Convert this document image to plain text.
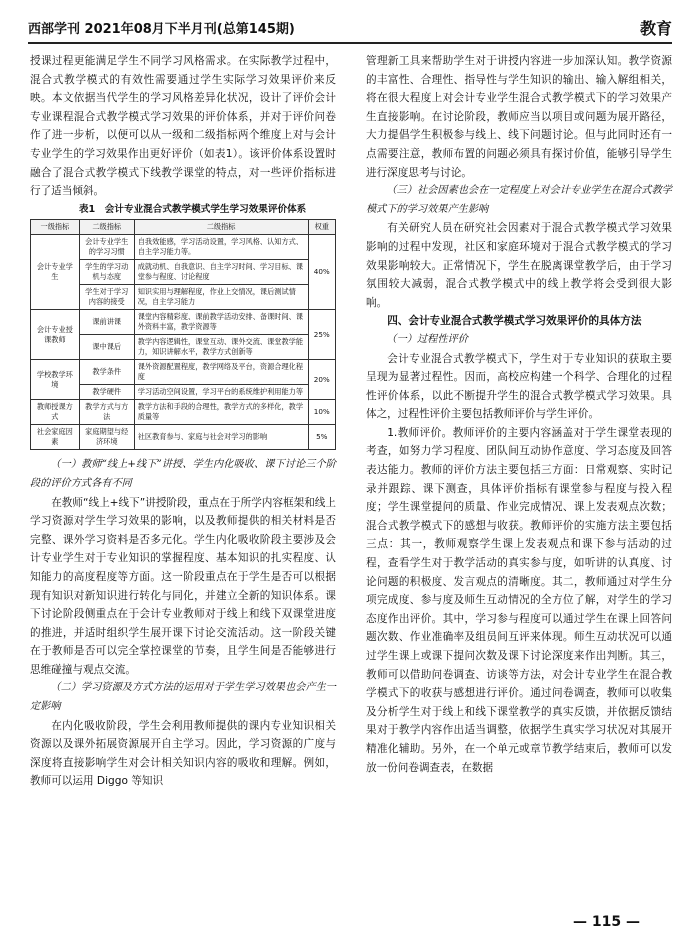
西部学刊 2021年08月下半月刊(总第145期)	教育

授课过程更能满足学生不同学习风格需求。在实际教学过程中，混合式教学模式的有效性需要通过学生实际学习效果评价来反映。本文依据当代学生的学习风格差异化状况，设计了评价会计专业课程混合式教学模式学习效果的评价体系，并对于评价问卷作了进一步析，以便可以从一级和二级指标两个维度上对与会计专业学生的学习效果作出更好评价（如表1）。该评价体系设置时融合了混合式教学模式下线教学课堂的特点，对一些评价指标进行了适当倾斜。

表1　会计专业混合式教学模式学生学习效果评价体系

一级指标	二级指标	二级指标	权重
会计专业学生	会计专业学生的学习习惯	自我效能感，学习活动设置，学习风格、认知方式、自主学习能力等。	40%
	学生的学习动机与态度	成就动机、自我意识、自主学习时间、学习目标、课堂参与程度、讨论程度	
	学生对于学习内容的接受	知识实用与理解程度，作业上交情况，课后测试情况，自主学习能力	
会计专业授课教师	课前讲课	课堂内容精彩度、课前教学活动安排、备课时间、课外资料丰富，教学资源等	25%
	课中课后	教学内容逻辑性，课堂互动、课外交流、课堂教学能力，知识讲解水平，教学方式创新等	
学校教学环境	教学条件	课外资源配置程度，教学网络及平台，资源合理化程度	20%
	教学硬件	学习活动空间设置，学习平台的系统维护利用能力等	
教师授课方式	教学方式与方法	教学方法和手段的合理性，教学方式的多样化，教学质量等	10%
社会家庭因素	家庭期望与经济环境	社区教育参与、家庭与社会对学习的影响	5%

（一）教师“线上+线下”讲授、学生内化吸收、课下讨论三个阶段的评价方式各有不同

在教师“线上+线下”讲授阶段，重点在于所学内容框架和线上学习资源对学生学习效果的影响，以及教师提供的相关材料是否完整、课外学习资料是否多元化。学生内化吸收阶段主要涉及会计专业学生对于专业知识的掌握程度、基本知识的扎实程度、认知能力的高度程度等方面。这一阶段重点在于学生是否可以根据现有知识对新知识进行转化与同化，并建立全新的知识体系。课下讨论阶段侧重点在于会计专业教师对于线上和线下双课堂进度的推进，并适时组织学生展开课下讨论交流活动。这一阶段关键在于教师是否可以完全掌控课堂的节奏，且学生间是否能够进行思维碰撞与观点交流。

（二）学习资源及方式方法的运用对于学生学习效果也会产生一定影响

在内化吸收阶段，学生会利用教师提供的课内专业知识相关资源以及课外拓展资源展开自主学习。因此，学习资源的广度与深度将直接影响学生对会计相关知识内容的吸收和理解。例如，教师可以运用 Diggo 等知识

管理新工具来帮助学生对于讲授内容进一步加深认知。教学资源的丰富性、合理性、指导性与学生知识的输出、输入解组相关，将在很大程度上对会计专业学生混合式教学模式下的学习效果产生直接影响。在讨论阶段，教师应当以项目或问题为展开路径，大力提倡学生积极参与线上、线下问题讨论。但与此同时还有一点需要注意，教师布置的问题必须具有探讨价值，能够引导学生进行深度思考与讨论。

（三）社会因素也会在一定程度上对会计专业学生在混合式教学模式下的学习效果产生影响

有关研究人员在研究社会因素对于混合式教学模式学习效果影响的过程中发现，社区和家庭环境对于混合式教学模式的学习效果影响较大。正常情况下，学生在脱离课堂教学后，由于学习氛围较大减弱，混合式教学模式中的线上教学将会受到很大影响。

四、会计专业混合式教学模式学习效果评价的具体方法

（一）过程性评价

会计专业混合式教学模式下，学生对于专业知识的获取主要呈现为显著过程性。因而，高校应构建一个科学、合理化的过程性评价体系，以此不断提升学生的混合式教学模式学习效果。具体之，过程性评价主要包括教师评价与学生评价。

1.教师评价。教师评价的主要内容涵盖对于学生课堂表现的考查，如努力学习程度、团队间互动协作意度、学习态度及回答表达能力。教师的评价方法主要包括三方面：日常观察、实时记录并跟踪、课下测查，具体评价指标有课堂参与程度与投入程度；学生课堂提问的质量、作业完成情况、课上发表观点次数；混合式教学模式下的感想与收获。教师评价的实施方法主要包括三点：其一，教师观察学生课上发表观点和课下参与活动的过程，查看学生对于教学活动的真实参与度，如听讲的认真度、讨论问题的积极度、发言观点的清晰度。其二，教师通过对学生分项完成度、参与度及师生互动情况的全方位了解，对学生的学习态度作出评价。其中，学习参与程度可以通过学生在课上回答问题次数、作业准确率及组员间互评来体现。师生互动状况可以通过学生课上或课下提问次数及课下讨论深度来作出判断。其三，教师可以借助问卷调查、访谈等方法，对会计专业学生在混合教学模式下的收获与感想进行评价。通过问卷调查，教师可以收集及分析学生对于线上和线下课堂教学的真实反馈，并依据反馈结果对于教学内容作出适当调整，依据学生真实学习状况对其展开精准化辅助。另外，在一个单元或章节教学结束后，教师可以发放一份问卷调查表，在数据

— 115 —
